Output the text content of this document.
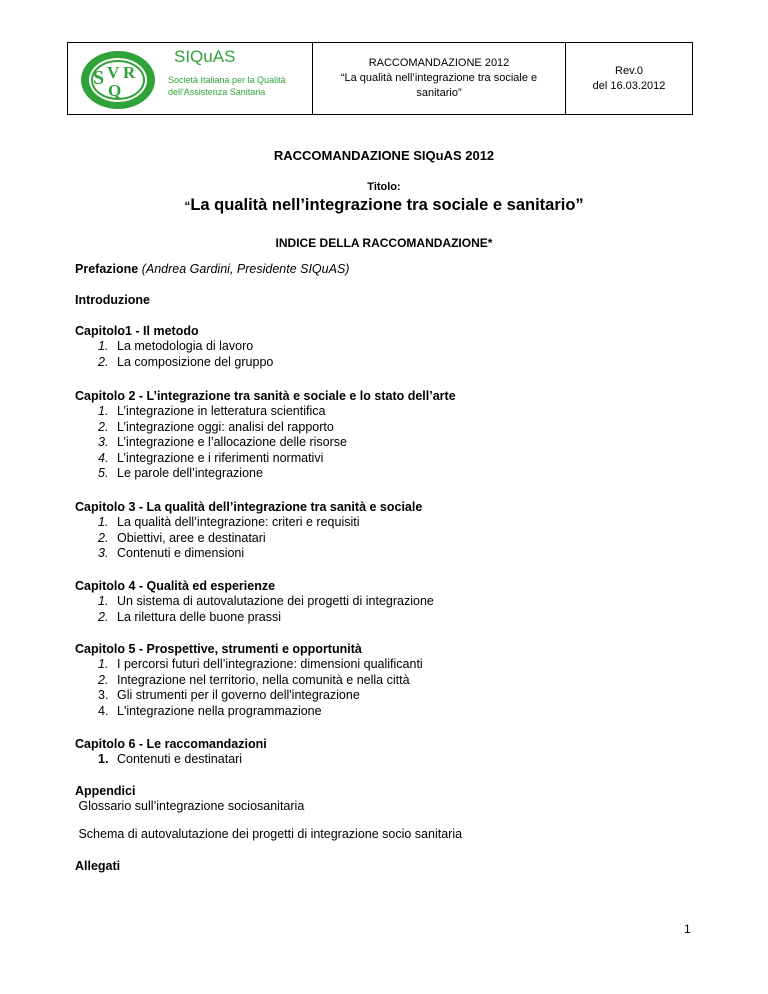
S V R
Q
SIQuAS
Società Italiana per la Qualità
dell'Assistenza Sanitaria
RACCOMANDAZIONE 2012
“La qualità nell’integrazione tra sociale e
sanitario”
Rev.0
del 16.03.2012
RACCOMANDAZIONE SIQuAS 2012
Titolo:
“La qualità nell’integrazione tra sociale e sanitario”
INDICE DELLA RACCOMANDAZIONE*
Prefazione (Andrea Gardini, Presidente SIQuAS)
Introduzione
Capitolo1 - Il metodo
1. La metodologia di lavoro
2. La composizione del gruppo
Capitolo 2 - L’integrazione tra sanità e sociale e lo stato dell’arte
1. L’integrazione in letteratura scientifica
2. L’integrazione oggi: analisi del rapporto
3. L’integrazione e l’allocazione delle risorse
4. L’integrazione e i riferimenti normativi
5. Le parole dell’integrazione
Capitolo 3 - La qualità dell’integrazione tra sanità e sociale
1. La qualità dell’integrazione: criteri e requisiti
2. Obiettivi, aree e destinatari
3. Contenuti e dimensioni
Capitolo 4 - Qualità ed esperienze
1. Un sistema di autovalutazione dei progetti di integrazione
2. La rilettura delle buone prassi
Capitolo 5 - Prospettive, strumenti e opportunità
1. I percorsi futuri dell’integrazione: dimensioni qualificanti
2. Integrazione nel territorio, nella comunità e nella città
3. Gli strumenti per il governo dell'integrazione
4. L'integrazione nella programmazione
Capitolo 6 - Le raccomandazioni
1. Contenuti e destinatari
Appendici
Glossario sull’integrazione sociosanitaria
Schema di autovalutazione dei progetti di integrazione socio sanitaria
Allegati
1
